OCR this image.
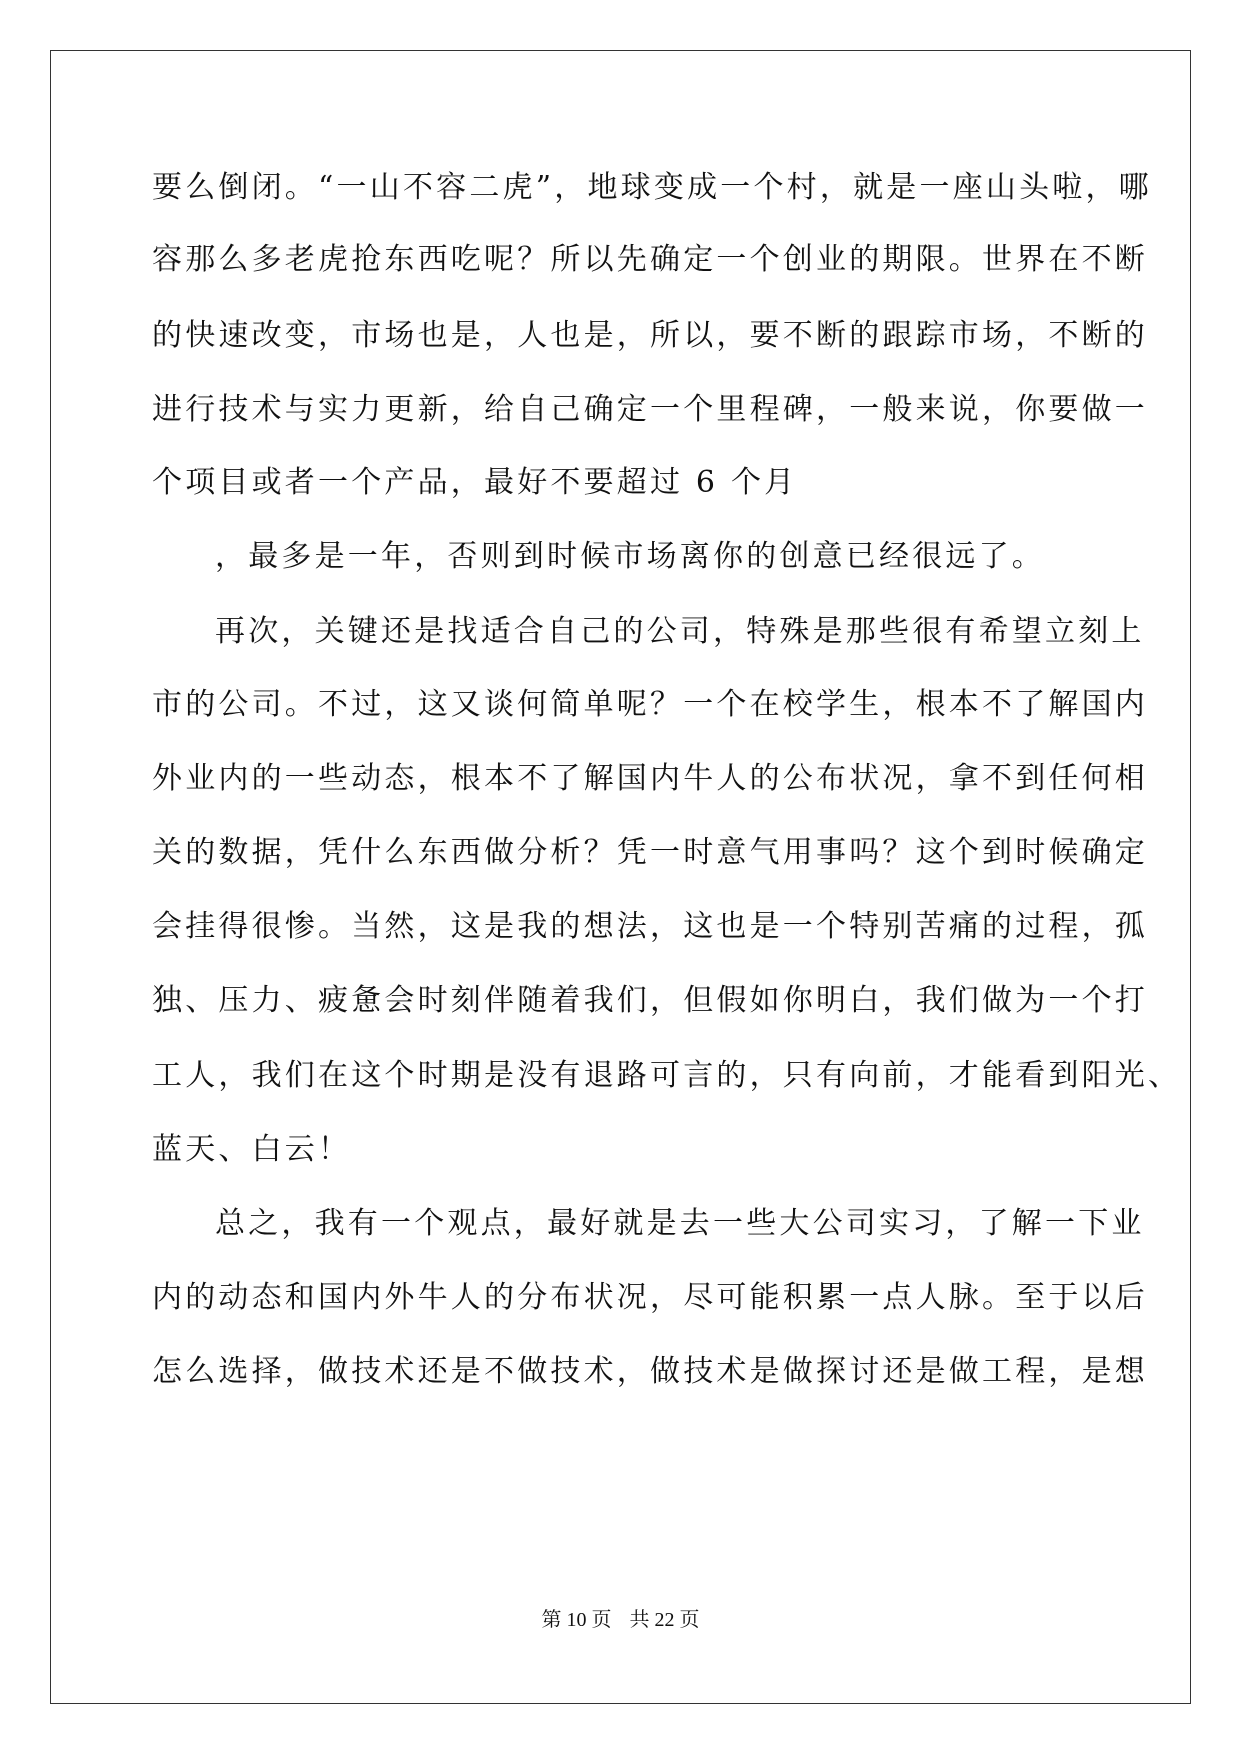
要么倒闭。“一山不容二虎”，地球变成一个村，就是一座山头啦，哪
容那么多老虎抢东西吃呢？所以先确定一个创业的期限。世界在不断
的快速改变，市场也是，人也是，所以，要不断的跟踪市场，不断的
进行技术与实力更新，给自己确定一个里程碑，一般来说，你要做一
个项目或者一个产品，最好不要超过 6 个月
，最多是一年，否则到时候市场离你的创意已经很远了。
再次，关键还是找适合自己的公司，特殊是那些很有希望立刻上
市的公司。不过，这又谈何简单呢？一个在校学生，根本不了解国内
外业内的一些动态，根本不了解国内牛人的公布状况，拿不到任何相
关的数据，凭什么东西做分析？凭一时意气用事吗？这个到时候确定
会挂得很惨。当然，这是我的想法，这也是一个特别苦痛的过程，孤
独、压力、疲惫会时刻伴随着我们，但假如你明白，我们做为一个打
工人，我们在这个时期是没有退路可言的，只有向前，才能看到阳光、
蓝天、白云！
总之，我有一个观点，最好就是去一些大公司实习，了解一下业
内的动态和国内外牛人的分布状况，尽可能积累一点人脉。至于以后
怎么选择，做技术还是不做技术，做技术是做探讨还是做工程，是想
第 10 页 共 22 页
